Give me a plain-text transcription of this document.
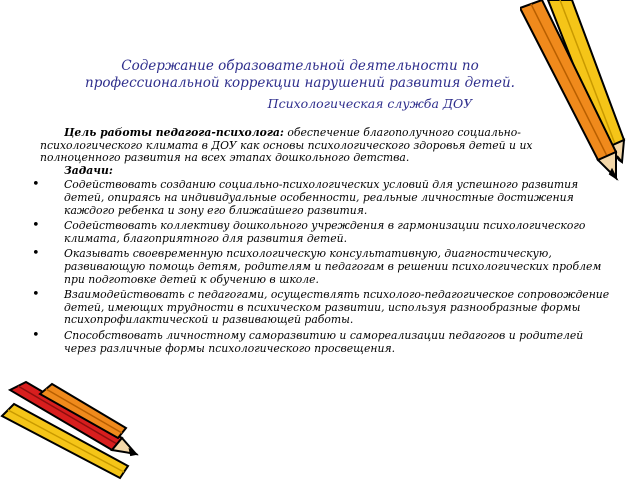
Содержание образовательной деятельности по
профессиональной коррекции нарушений развития детей.
Психологическая служба ДОУ

Цель работы педагога-психолога: обеспечение благополучного социально-психологического климата в ДОУ как основы психологического здоровья детей и их полноценного развития на всех этапах дошкольного детства.

Задачи:
• Содействовать созданию социально-психологических условий для успешного развития детей, опираясь на индивидуальные особенности, реальные личностные достижения каждого ребенка и зону его ближайшего развития.
• Содействовать коллективу дошкольного учреждения в гармонизации психологического климата, благоприятного для развития детей.
• Оказывать своевременную психологическую консультативную, диагностическую, развивающую помощь детям, родителям и педагогам в решении психологических проблем при подготовке детей к обучению в школе.
• Взаимодействовать с педагогами, осуществлять психолого-педагогическое сопровождение детей, имеющих трудности в психическом развитии, используя разнообразные формы психопрофилактической и развивающей работы.
• Способствовать личностному саморазвитию и самореализации педагогов и родителей через различные формы психологического просвещения.
